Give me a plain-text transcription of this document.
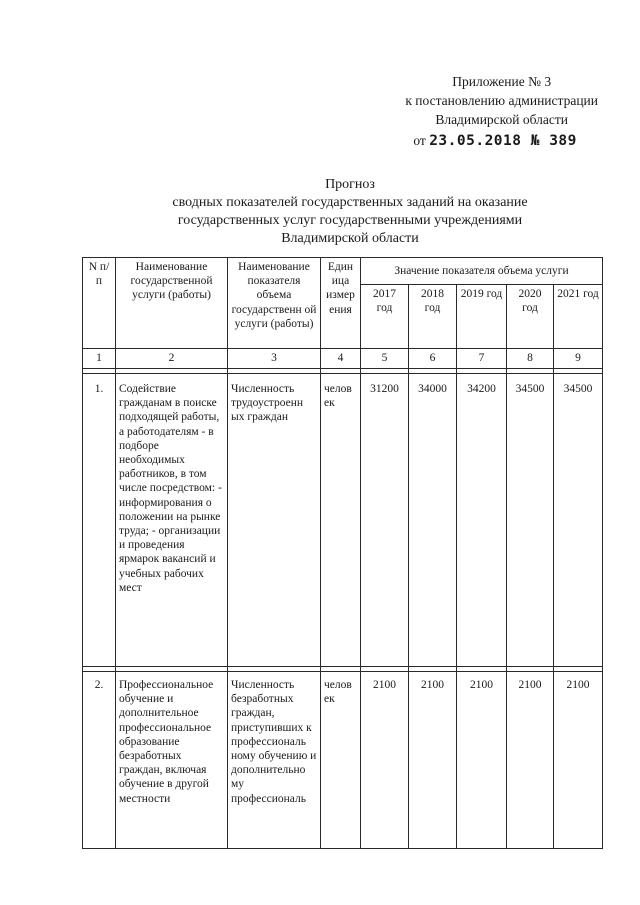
Приложение № 3
к постановлению администрации
Владимирской области
от 23.05.2018 № 389
Прогноз
сводных показателей государственных заданий на оказание
государственных услуг государственными учреждениями
Владимирской области
N п/п	Наименование государственной услуги (работы)	Наименование показателя объема государственн ой услуги (работы)	Един ица измер ения	Значение показателя объема услуги				
				2017 год	2018 год	2019 год	2020 год	2021 год
1	2	3	4	5	6	7	8	9

1.	Содействие гражданам в поиске подходящей работы, а работодателям - в подборе необходимых работников, в том числе посредством: - информирования о положении на рынке труда; - организации и проведения ярмарок вакансий и учебных рабочих мест	Численность трудоустроенн ых граждан	челов ек	31200	34000	34200	34500	34500

2.	Профессиональное обучение и дополнительное профессиональное образование безработных граждан, включая обучение в другой местности	Численность безработных граждан, приступивших к профессиональ ному обучению и дополнительно му профессиональ	челов ек	2100	2100	2100	2100	2100
